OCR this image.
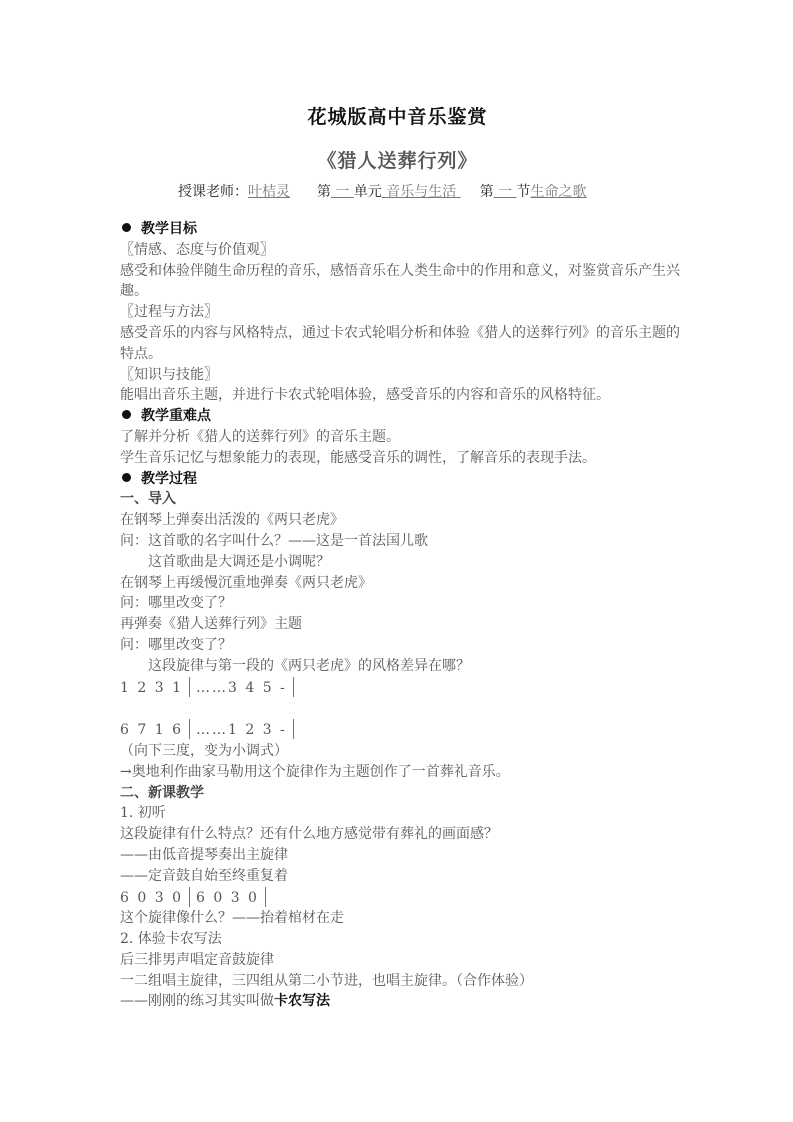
花城版高中音乐鉴赏
《猎人送葬行列》
授课老师：叶桔灵 第 一 单元 音乐与生活 第 一 节生命之歌
教学目标
〖情感、态度与价值观〗
感受和体验伴随生命历程的音乐，感悟音乐在人类生命中的作用和意义，对鉴赏音乐产生兴趣。
〖过程与方法〗
感受音乐的内容与风格特点，通过卡农式轮唱分析和体验《猎人的送葬行列》的音乐主题的特点。
〖知识与技能〗
能唱出音乐主题，并进行卡农式轮唱体验，感受音乐的内容和音乐的风格特征。
教学重难点
了解并分析《猎人的送葬行列》的音乐主题。
学生音乐记忆与想象能力的表现，能感受音乐的调性，了解音乐的表现手法。
教学过程
一、导入
在钢琴上弹奏出活泼的《两只老虎》
问：这首歌的名字叫什么？——这是一首法国儿歌
这首歌曲是大调还是小调呢？
在钢琴上再缓慢沉重地弹奏《两只老虎》
问：哪里改变了？
再弹奏《猎人送葬行列》主题
问：哪里改变了？
这段旋律与第一段的《两只老虎》的风格差异在哪？
1 2 3 1 ……3 4 5 -
6 7 1 6 ……1 2 3 -
（向下三度，变为小调式）
→奥地利作曲家马勒用这个旋律作为主题创作了一首葬礼音乐。
二、新课教学
1. 初听
这段旋律有什么特点？还有什么地方感觉带有葬礼的画面感？
——由低音提琴奏出主旋律
——定音鼓自始至终重复着
6 0 3 0 6 0 3 0
这个旋律像什么？——抬着棺材在走
2. 体验卡农写法
后三排男声唱定音鼓旋律
一二组唱主旋律，三四组从第二小节进，也唱主旋律。（合作体验）
——刚刚的练习其实叫做卡农写法
